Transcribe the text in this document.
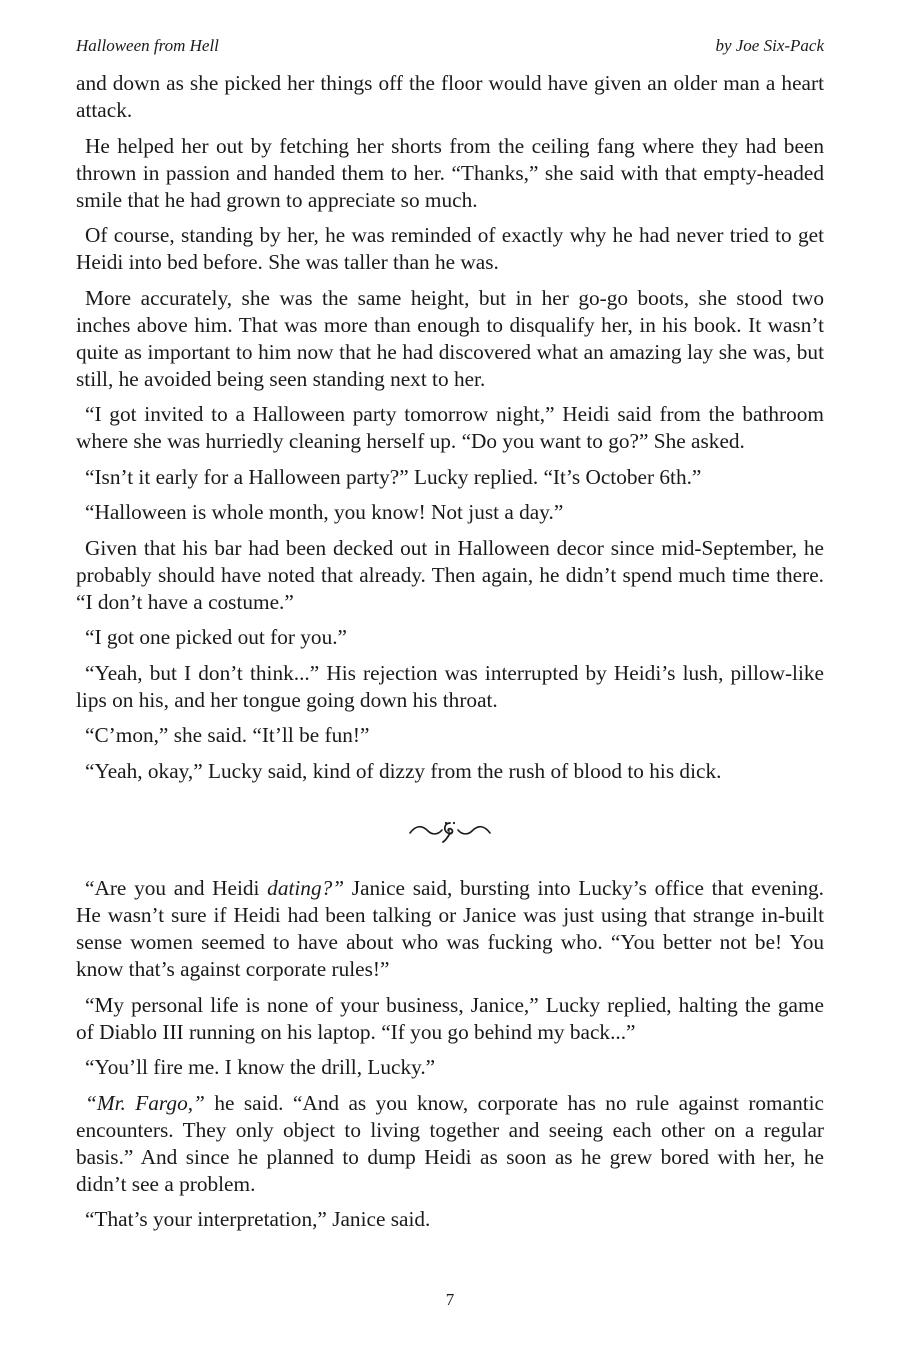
Halloween from Hell	by Joe Six-Pack

and down as she picked her things off the floor would have given an older man a heart attack.

He helped her out by fetching her shorts from the ceiling fang where they had been thrown in passion and handed them to her. “Thanks,” she said with that empty-headed smile that he had grown to appreciate so much.

Of course, standing by her, he was reminded of exactly why he had never tried to get Heidi into bed before. She was taller than he was.

More accurately, she was the same height, but in her go-go boots, she stood two inches above him. That was more than enough to disqualify her, in his book. It wasn’t quite as important to him now that he had discovered what an amazing lay she was, but still, he avoided being seen standing next to her.

“I got invited to a Halloween party tomorrow night,” Heidi said from the bathroom where she was hurriedly cleaning herself up. “Do you want to go?” She asked.

“Isn’t it early for a Halloween party?” Lucky replied. “It’s October 6th.”

“Halloween is whole month, you know! Not just a day.”

Given that his bar had been decked out in Halloween decor since mid-September, he probably should have noted that already. Then again, he didn’t spend much time there. “I don’t have a costume.”

“I got one picked out for you.”

“Yeah, but I don’t think...” His rejection was interrupted by Heidi’s lush, pillow-like lips on his, and her tongue going down his throat.

“C’mon,” she said. “It’ll be fun!”

“Yeah, okay,” Lucky said, kind of dizzy from the rush of blood to his dick.

“Are you and Heidi dating?” Janice said, bursting into Lucky’s office that evening. He wasn’t sure if Heidi had been talking or Janice was just using that strange in-built sense women seemed to have about who was fucking who. “You better not be! You know that’s against corporate rules!”

“My personal life is none of your business, Janice,” Lucky replied, halting the game of Diablo III running on his laptop. “If you go behind my back...”

“You’ll fire me. I know the drill, Lucky.”

“Mr. Fargo,” he said. “And as you know, corporate has no rule against romantic encounters. They only object to living together and seeing each other on a regular basis.” And since he planned to dump Heidi as soon as he grew bored with her, he didn’t see a problem.

“That’s your interpretation,” Janice said.

7
